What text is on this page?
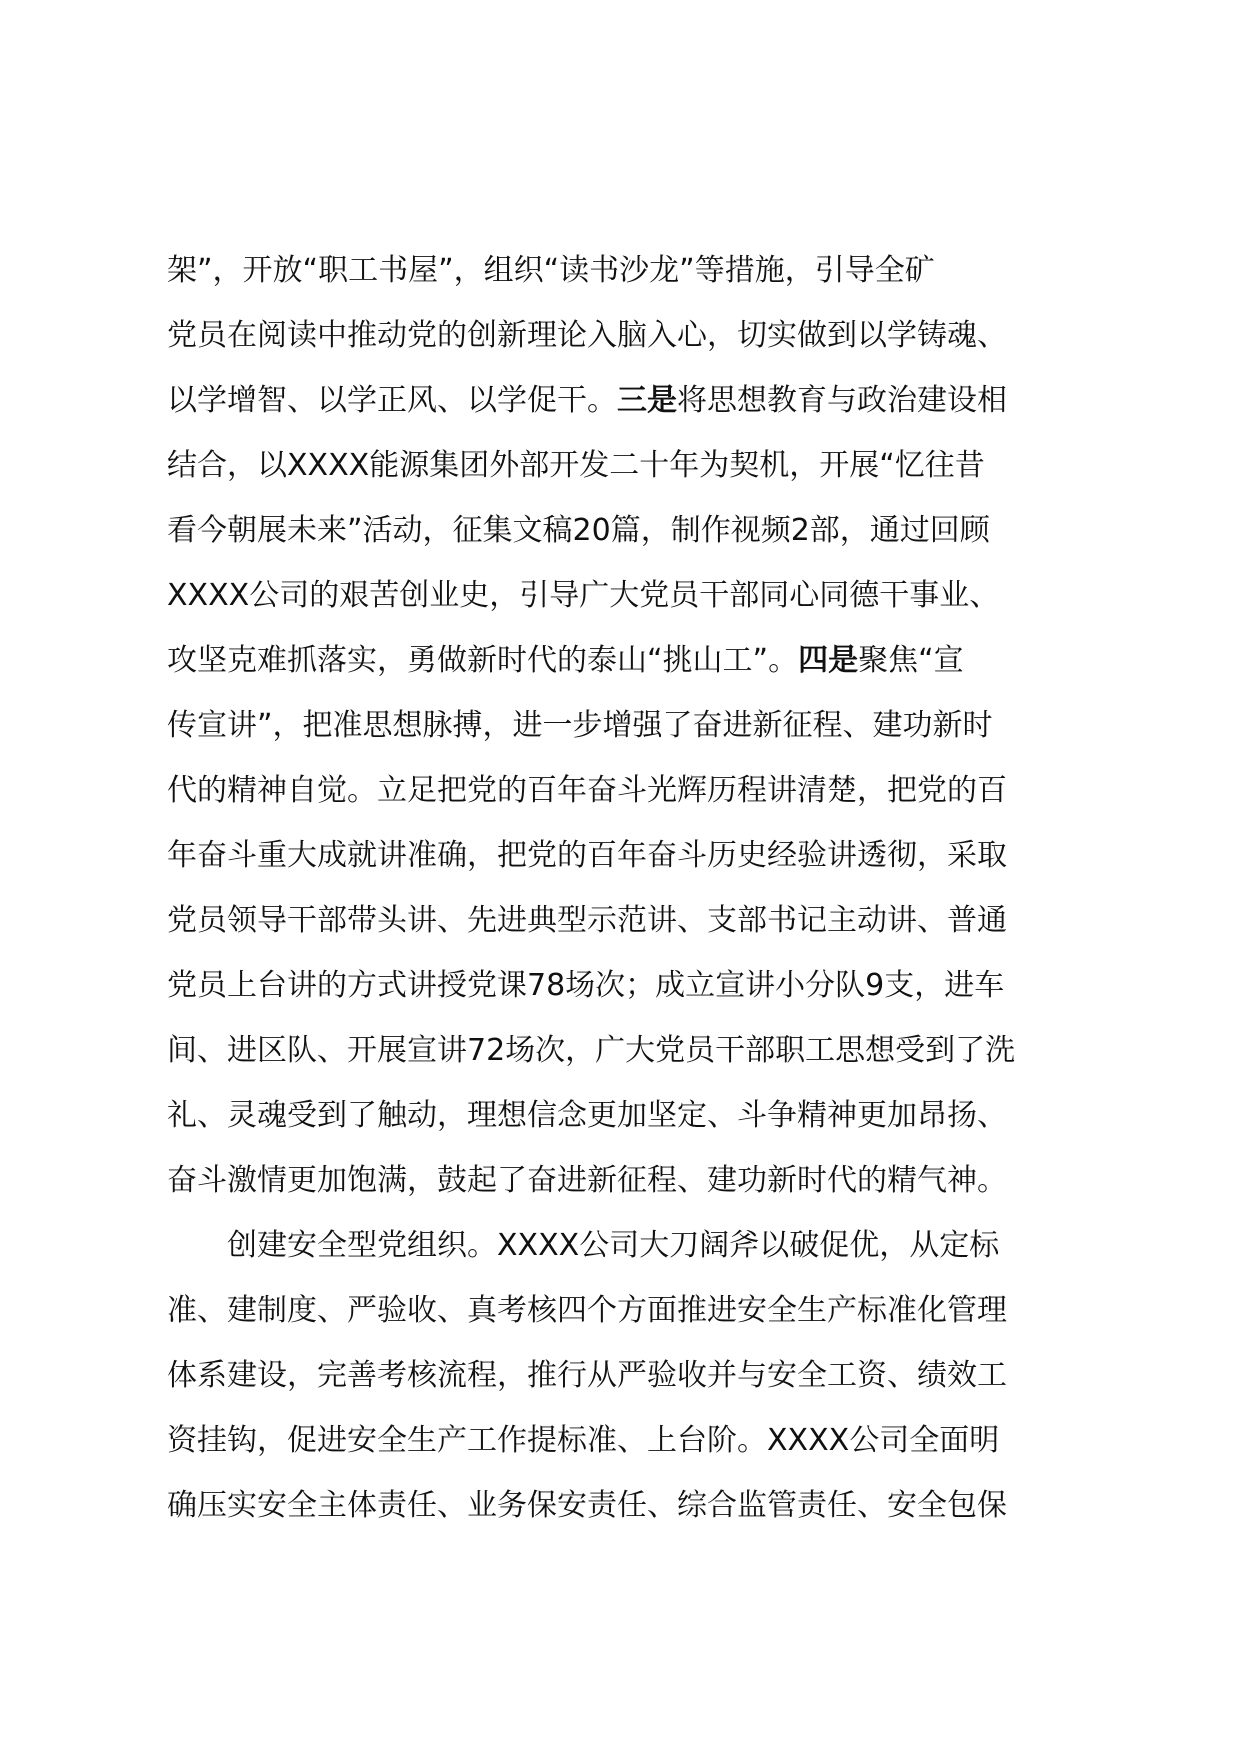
架”，开放“职工书屋”，组织“读书沙龙”等措施，引导全矿
党员在阅读中推动党的创新理论入脑入心，切实做到以学铸魂、
以学增智、以学正风、以学促干。三是将思想教育与政治建设相
结合，以XXXX能源集团外部开发二十年为契机，开展“忆往昔
看今朝展未来”活动，征集文稿20篇，制作视频2部，通过回顾
XXXX公司的艰苦创业史，引导广大党员干部同心同德干事业、
攻坚克难抓落实，勇做新时代的泰山“挑山工”。四是聚焦“宣
传宣讲”，把准思想脉搏，进一步增强了奋进新征程、建功新时
代的精神自觉。立足把党的百年奋斗光辉历程讲清楚，把党的百
年奋斗重大成就讲准确，把党的百年奋斗历史经验讲透彻，采取
党员领导干部带头讲、先进典型示范讲、支部书记主动讲、普通
党员上台讲的方式讲授党课78场次；成立宣讲小分队9支，进车
间、进区队、开展宣讲72场次，广大党员干部职工思想受到了洗
礼、灵魂受到了触动，理想信念更加坚定、斗争精神更加昂扬、
奋斗激情更加饱满，鼓起了奋进新征程、建功新时代的精气神。
创建安全型党组织。XXXX公司大刀阔斧以破促优，从定标
准、建制度、严验收、真考核四个方面推进安全生产标准化管理
体系建设，完善考核流程，推行从严验收并与安全工资、绩效工
资挂钩，促进安全生产工作提标准、上台阶。XXXX公司全面明
确压实安全主体责任、业务保安责任、综合监管责任、安全包保
